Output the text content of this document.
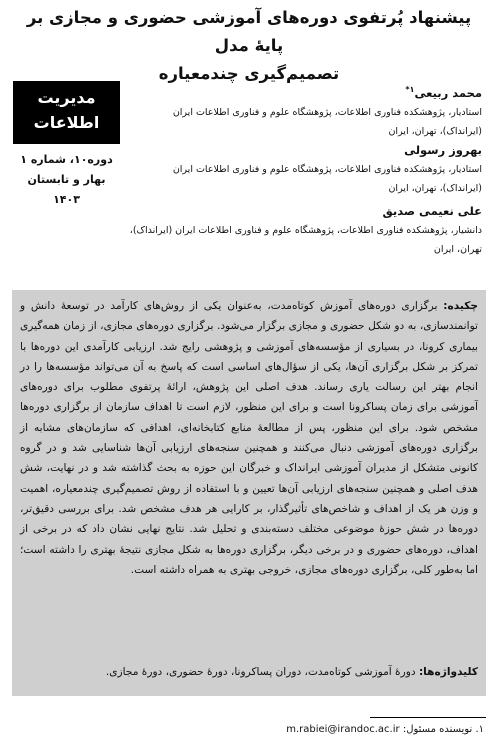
پیشنهاد پُرتفوی دوره‌های آموزشی حضوری و مجازی بر پایۀ مدل
تصمیم‌گیری چندمعیاره
مدیریت
اطلاعات
دوره۱۰، شماره ۱
بهار و تابستان ۱۴۰۳
محمد ربیعی$^{۱*}$
استادیار، پژوهشکده فناوری اطلاعات، پژوهشگاه علوم و فناوری اطلاعات ایران
(ایرانداک)، تهران، ایران
بهروز رسولی
استادیار، پژوهشکده فناوری اطلاعات، پژوهشگاه علوم و فناوری اطلاعات ایران
(ایرانداک)، تهران، ایران
علی نعیمی صدیق
دانشیار، پژوهشکده فناوری اطلاعات، پژوهشگاه علوم و فناوری اطلاعات ایران (ایرانداک)، تهران، ایران
چکیده: برگزاری دوره‌های آموزش کوتاه‌مدت، به‌عنوان یکی از روش‌های کارآمد در توسعۀ دانش و توانمندسازی، به دو شکل حضوری و مجازی برگزار می‌شود. برگزاری دوره‌های مجازی، از زمان همه‌گیری بیماری کرونا، در بسیاری از مؤسسه‌های آموزشی و پژوهشی رایج شد. ارزیابی کارآمدی این دوره‌ها با تمرکز بر شکل برگزاری آن‌ها، یکی از سؤال‌های اساسی است که پاسخ به آن می‌تواند مؤسسه‌ها را در انجام بهتر این رسالت یاری رساند. هدف اصلی این پژوهش، ارائۀ پرتفوی مطلوب برای دوره‌های آموزشی برای زمان پساکرونا است و برای این منظور، لازم است تا اهداف سازمان از برگزاری دوره‌ها مشخص شود. برای این منظور، پس از مطالعۀ منابع کتابخانه‌ای، اهدافی که سازمان‌های مشابه از برگزاری دوره‌های آموزشی دنبال می‌کنند و همچنین سنجه‌های ارزیابی آن‌ها شناسایی شد و در گروه کانونی متشکل از مدیران آموزشی ایرانداک و خبرگان این حوزه به بحث گذاشته شد و در نهایت، شش هدف اصلی و همچنین سنجه‌های ارزیابی آن‌ها تعیین و با استفاده از روش تصمیم‌گیری چندمعیاره، اهمیت و وزن هر یک از اهداف و شاخص‌های تأثیرگذار، بر کارایی هر هدف مشخص شد. برای بررسی دقیق‌تر، دوره‌ها در شش حوزۀ موضوعی مختلف دسته‌بندی و تحلیل شد. نتایج نهایی نشان داد که در برخی از اهداف، دوره‌های حضوری و در برخی دیگر، برگزاری دوره‌ها به شکل مجازی نتیجۀ بهتری را داشته است؛ اما به‌طور کلی، برگزاری دوره‌های مجازی، خروجی بهتری به همراه داشته است.
کلیدواژه‌ها: دورۀ آموزشی کوتاه‌مدت، دوران پساکرونا، دورۀ حضوری، دورۀ مجازی.
۱. نویسنده مسئول: m.rabiei@irandoc.ac.ir
